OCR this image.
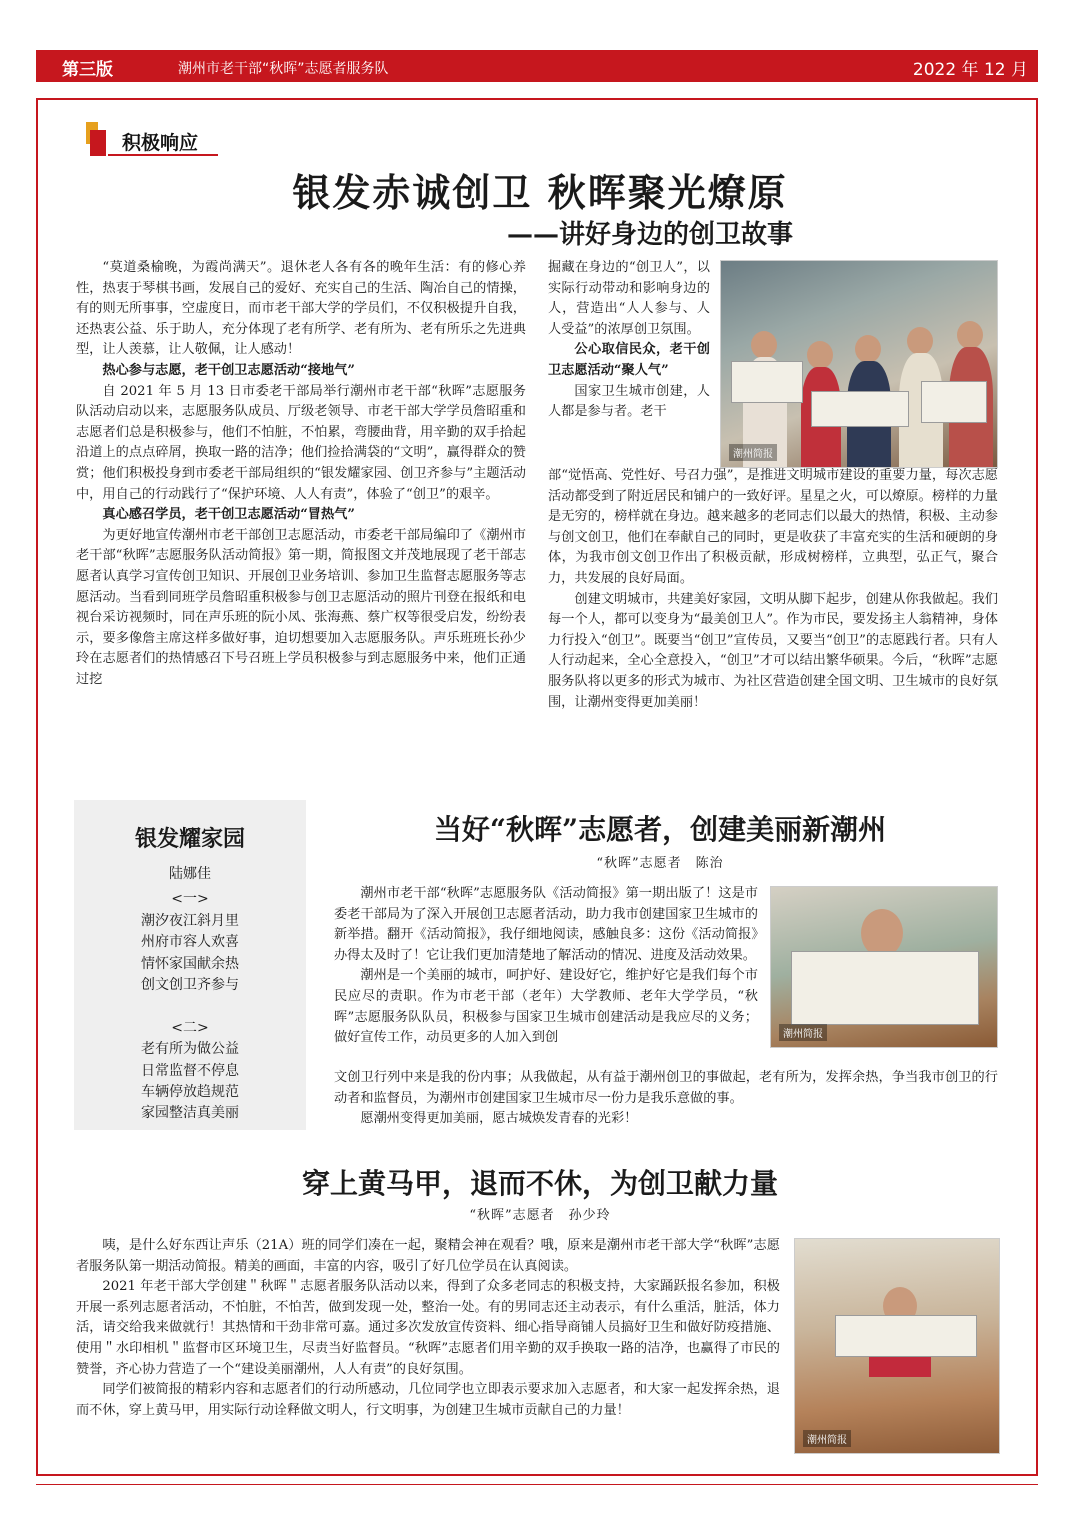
第三版	潮州市老干部“秋晖”志愿者服务队	2022 年 12 月
积极响应
银发赤诚创卫 秋晖聚光燎原
——讲好身边的创卫故事

“莫道桑榆晚，为霞尚满天”。退休老人各有各的晚年生活：有的修心养性，热衷于琴棋书画，发展自己的爱好、充实自己的生活、陶冶自己的情操，有的则无所事事，空虚度日，而市老干部大学的学员们，不仅积极提升自我，还热衷公益、乐于助人，充分体现了老有所学、老有所为、老有所乐之先进典型，让人羡慕，让人敬佩，让人感动！

热心参与志愿，老干创卫志愿活动“接地气”

自 2021 年 5 月 13 日市委老干部局举行潮州市老干部“秋晖”志愿服务队活动启动以来，志愿服务队成员、厅级老领导、市老干部大学学员詹昭重和志愿者们总是积极参与，他们不怕脏，不怕累，弯腰曲背，用辛勤的双手拾起沿道上的点点碎屑，换取一路的洁净；他们捡拾满袋的“文明”，赢得群众的赞赏；他们积极投身到市委老干部局组织的“银发耀家园、创卫齐参与”主题活动中，用自己的行动践行了“保护环境、人人有责”，体验了“创卫”的艰辛。

真心感召学员，老干创卫志愿活动“冒热气”

为更好地宣传潮州市老干部创卫志愿活动，市委老干部局编印了《潮州市老干部“秋晖”志愿服务队活动简报》第一期，简报图文并茂地展现了老干部志愿者认真学习宣传创卫知识、开展创卫业务培训、参加卫生监督志愿服务等志愿活动。当看到同班学员詹昭重积极参与创卫志愿活动的照片刊登在报纸和电视台采访视频时，同在声乐班的阮小凤、张海燕、蔡广权等很受启发，纷纷表示，要多像詹主席这样多做好事，迫切想要加入志愿服务队。声乐班班长孙少玲在志愿者们的热情感召下号召班上学员积极参与到志愿服务中来，他们正通过挖

掘藏在身边的“创卫人”，以实际行动带动和影响身边的人，营造出“人人参与、人人受益”的浓厚创卫氛围。

公心取信民众，老干创卫志愿活动“聚人气”

国家卫生城市创建，人人都是参与者。老干

部“觉悟高、党性好、号召力强”，是推进文明城市建设的重要力量，每次志愿活动都受到了附近居民和铺户的一致好评。星星之火，可以燎原。榜样的力量是无穷的，榜样就在身边。越来越多的老同志们以最大的热情，积极、主动参与创文创卫，他们在奉献自己的同时，更是收获了丰富充实的生活和硬朗的身体，为我市创文创卫作出了积极贡献，形成树榜样，立典型，弘正气，聚合力，共发展的良好局面。

创建文明城市，共建美好家园，文明从脚下起步，创建从你我做起。我们每一个人，都可以变身为“最美创卫人”。作为市民，要发扬主人翁精神，身体力行投入“创卫”。既要当“创卫”宣传员，又要当“创卫”的志愿践行者。只有人人行动起来，全心全意投入，“创卫”才可以结出繁华硕果。今后，“秋晖”志愿服务队将以更多的形式为城市、为社区营造创建全国文明、卫生城市的良好氛围，让潮州变得更加美丽！

潮州简报
银发耀家园
陆娜佳
<一>
潮汐夜江斜月里
州府市容人欢喜
情怀家国献余热
创文创卫齐参与

<二>
老有所为做公益
日常监督不停息
车辆停放趋规范
家园整洁真美丽
当好“秋晖”志愿者，创建美丽新潮州
“秋晖”志愿者　陈治

潮州市老干部“秋晖”志愿服务队《活动简报》第一期出版了！这是市委老干部局为了深入开展创卫志愿者活动，助力我市创建国家卫生城市的新举措。翻开《活动简报》，我仔细地阅读，感触良多：这份《活动简报》办得太及时了！它让我们更加清楚地了解活动的情况、进度及活动效果。

潮州是一个美丽的城市，呵护好、建设好它，维护好它是我们每个市民应尽的责职。作为市老干部（老年）大学教师、老年大学学员，“秋晖”志愿服务队队员，积极参与国家卫生城市创建活动是我应尽的义务；做好宣传工作，动员更多的人加入到创

文创卫行列中来是我的份内事；从我做起，从有益于潮州创卫的事做起，老有所为，发挥余热，争当我市创卫的行动者和监督员，为潮州市创建国家卫生城市尽一份力是我乐意做的事。

愿潮州变得更加美丽，愿古城焕发青春的光彩！

潮州简报
穿上黄马甲，退而不休，为创卫献力量
“秋晖”志愿者　孙少玲

咦，是什么好东西让声乐（21A）班的同学们凑在一起，聚精会神在观看？哦，原来是潮州市老干部大学“秋晖”志愿者服务队第一期活动简报。精美的画面，丰富的内容，吸引了好几位学员在认真阅读。

2021 年老干部大学创建＂秋晖＂志愿者服务队活动以来，得到了众多老同志的积极支持，大家踊跃报名参加，积极开展一系列志愿者活动，不怕脏，不怕苦，做到发现一处，整治一处。有的男同志还主动表示，有什么重活，脏活，体力活，请交给我来做就行！其热情和干劲非常可嘉。通过多次发放宣传资料、细心指导商铺人员搞好卫生和做好防疫措施、使用＂水印相机＂监督市区环境卫生，尽责当好监督员。“秋晖”志愿者们用辛勤的双手换取一路的洁净，也赢得了市民的赞誉，齐心协力营造了一个“建设美丽潮州，人人有责”的良好氛围。

同学们被简报的精彩内容和志愿者们的行动所感动，几位同学也立即表示要求加入志愿者，和大家一起发挥余热，退而不休，穿上黄马甲，用实际行动诠释做文明人，行文明事，为创建卫生城市贡献自己的力量！

潮州简报
